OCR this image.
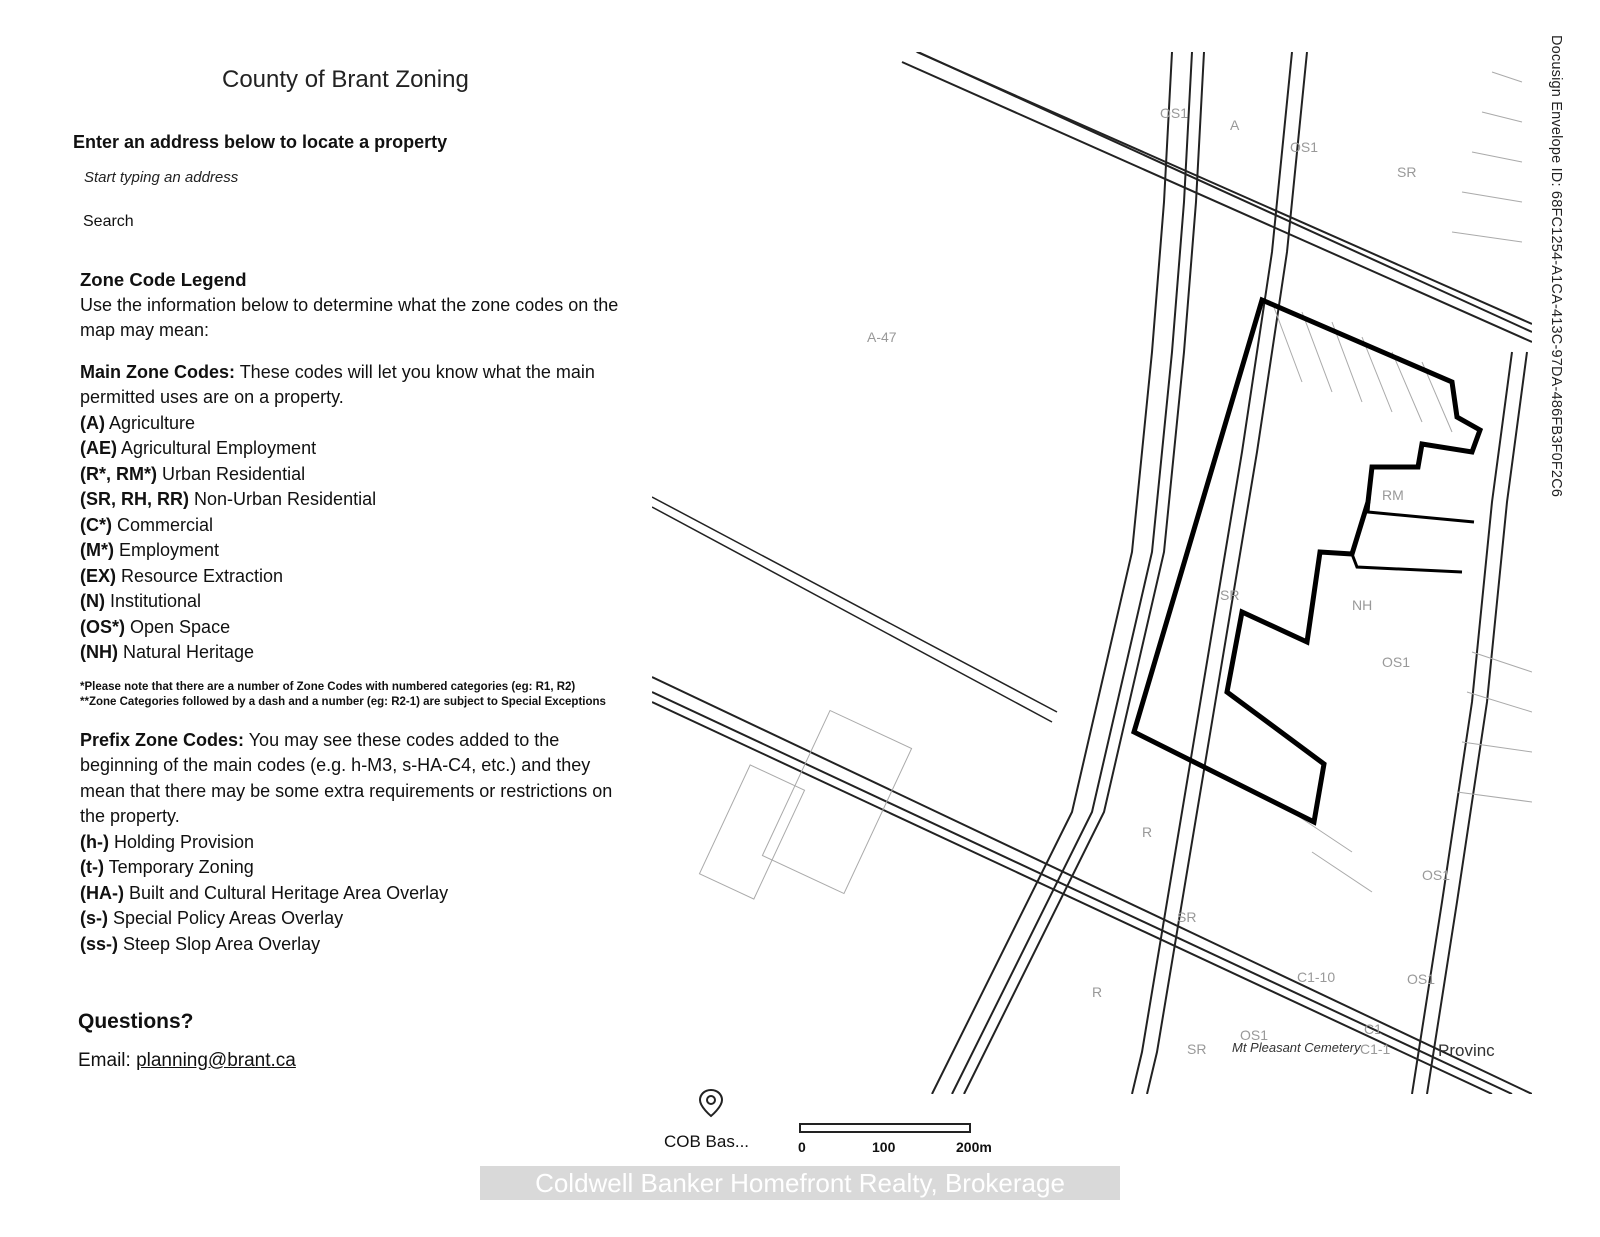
County of Brant Zoning
Enter an address below to locate a property
Start typing an address
Search
Zone Code Legend

Use the information below to determine what the zone codes on the map may mean:

Main Zone Codes: These codes will let you know what the main permitted uses are on a property.

(A) Agriculture
(AE) Agricultural Employment
(R*, RM*) Urban Residential
(SR, RH, RR) Non-Urban Residential
(C*) Commercial
(M*) Employment
(EX) Resource Extraction
(N) Institutional
(OS*) Open Space
(NH) Natural Heritage

*Please note that there are a number of Zone Codes with numbered categories (eg: R1, R2)

**Zone Categories followed by a dash and a number (eg: R2-1) are subject to Special Exceptions

Prefix Zone Codes: You may see these codes added to the beginning of the main codes (e.g. h-M3, s-HA-C4, etc.) and they mean that there may be some extra requirements or restrictions on the property.

(h-) Holding Provision
(t-) Temporary Zoning
(HA-) Built and Cultural Heritage Area Overlay
(s-) Special Policy Areas Overlay
(ss-) Steep Slop Area Overlay
Questions?
Email: planning@brant.ca
Docusign Envelope ID: 68FC1254-A1CA-413C-97DA-486FB3F0F2C6
OS1
A
OS1
SR
RM
SR
NH
OS1
OS1
C1-10	OS1
C1
C1-1
OS1
SR
R
SR
R
A-47
Mt Pleasant Cemetery	Provinc
COB Bas...	0	100	200m
Coldwell Banker Homefront Realty, Brokerage
